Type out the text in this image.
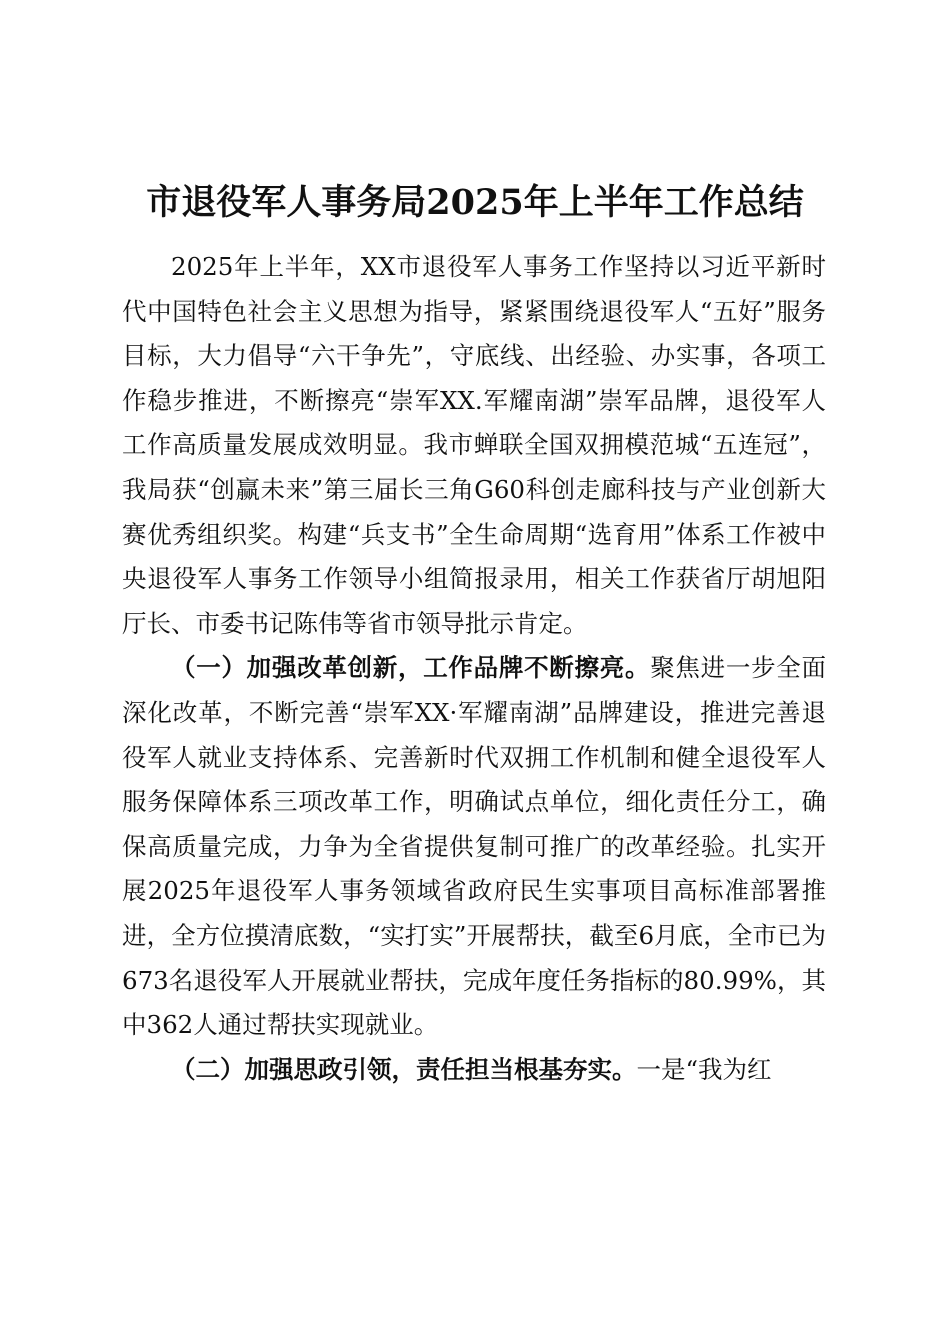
市退役军人事务局2025年上半年工作总结

2025年上半年，XX市退役军人事务工作坚持以习近平新时代中国特色社会主义思想为指导，紧紧围绕退役军人“五好”服务目标，大力倡导“六干争先”，守底线、出经验、办实事，各项工作稳步推进，不断擦亮“崇军XX.军耀南湖”崇军品牌，退役军人工作高质量发展成效明显。我市蝉联全国双拥模范城“五连冠”，我局获“创赢未来”第三届长三角G60科创走廊科技与产业创新大赛优秀组织奖。构建“兵支书”全生命周期“选育用”体系工作被中央退役军人事务工作领导小组简报录用，相关工作获省厅胡旭阳厅长、市委书记陈伟等省市领导批示肯定。

（一）加强改革创新，工作品牌不断擦亮。聚焦进一步全面深化改革，不断完善“崇军XX·军耀南湖”品牌建设，推进完善退役军人就业支持体系、完善新时代双拥工作机制和健全退役军人服务保障体系三项改革工作，明确试点单位，细化责任分工，确保高质量完成，力争为全省提供复制可推广的改革经验。扎实开展2025年退役军人事务领域省政府民生实事项目高标准部署推进，全方位摸清底数，“实打实”开展帮扶，截至6月底，全市已为673名退役军人开展就业帮扶，完成年度任务指标的80.99%，其中362人通过帮扶实现就业。

（二）加强思政引领，责任担当根基夯实。一是“我为红
